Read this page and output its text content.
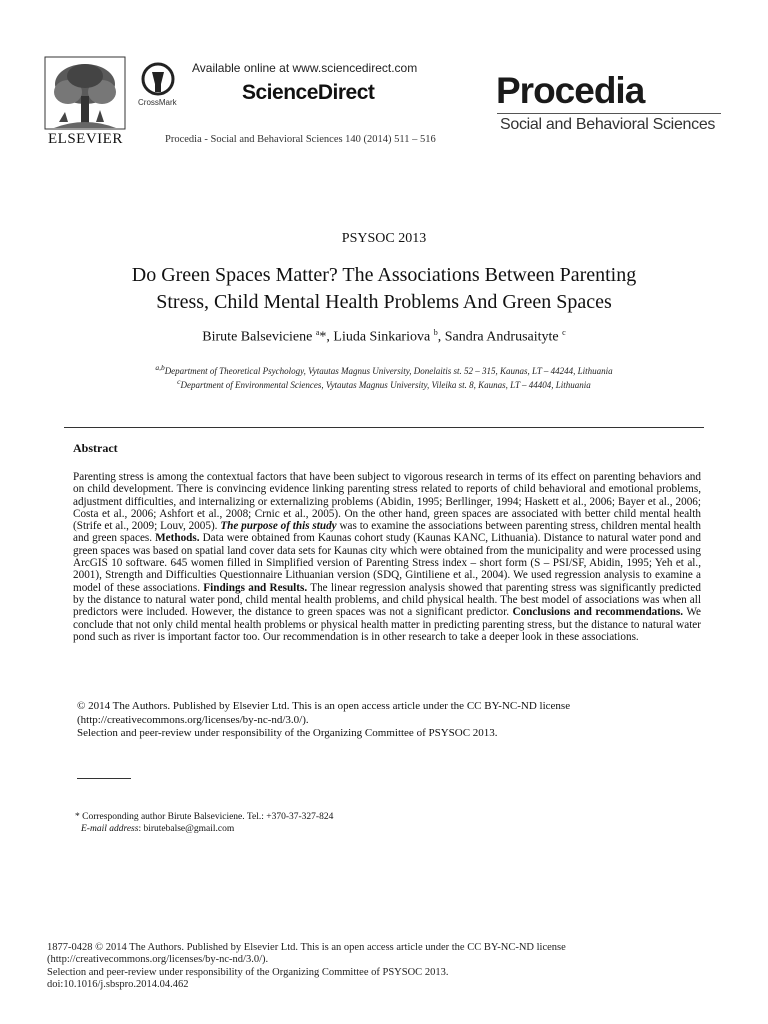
ELSEVIER
CrossMark
Available online at www.sciencedirect.com
ScienceDirect
Procedia - Social and Behavioral Sciences 140 (2014) 511 – 516
Procedia
Social and Behavioral Sciences
PSYSOC 2013
Do Green Spaces Matter? The Associations Between Parenting
Stress, Child Mental Health Problems And Green Spaces
Birute Balseviciene $^a$*, Liuda Sinkariova $^b$, Sandra Andrusaityte $^c$
$^{a,b}$Department of Theoretical Psychology, Vytautas Magnus University, Donelaitis st. 52 – 315, Kaunas, LT – 44244, Lithuania
$^c$Department of Environmental Sciences, Vytautas Magnus University, Vileika st. 8, Kaunas, LT – 44404, Lithuania
Abstract
Parenting stress is among the contextual factors that have been subject to vigorous research in terms of its effect on parenting behaviors and on child development. There is convincing evidence linking parenting stress related to reports of child behavioral and emotional problems, adjustment difficulties, and internalizing or externalizing problems (Abidin, 1995; Berllinger, 1994; Haskett et al., 2006; Bayer et al., 2006; Costa et al., 2006; Ashfort et al., 2008; Crnic et al., 2005). On the other hand, green spaces are associated with better child mental health (Strife et al., 2009; Louv, 2005). The purpose of this study was to examine the associations between parenting stress, children mental health and green spaces. Methods. Data were obtained from Kaunas cohort study (Kaunas KANC, Lithuania). Distance to natural water pond and green spaces was based on spatial land cover data sets for Kaunas city which were obtained from the municipality and were processed using ArcGIS 10 software. 645 women filled in Simplified version of Parenting Stress index – short form (S – PSI/SF, Abidin, 1995; Yeh et al., 2001), Strength and Difficulties Questionnaire Lithuanian version (SDQ, Gintiliene et al., 2004). We used regression analysis to examine a model of these associations. Findings and Results. The linear regression analysis showed that parenting stress was significantly predicted by the distance to natural water pond, child mental health problems, and child physical health. The best model of associations was when all predictors were included. However, the distance to green spaces was not a significant predictor. Conclusions and recommendations. We conclude that not only child mental health problems or physical health matter in predicting parenting stress, but the distance to natural water pond such as river is important factor too. Our recommendation is in other research to take a deeper look in these associations.
© 2014 The Authors. Published by Elsevier Ltd. This is an open access article under the CC BY-NC-ND license
(http://creativecommons.org/licenses/by-nc-nd/3.0/).
Selection and peer-review under responsibility of the Organizing Committee of PSYSOC 2013.
* Corresponding author Birute Balseviciene. Tel.: +370-37-327-824
E-mail address: birutebalse@gmail.com
1877-0428 © 2014 The Authors. Published by Elsevier Ltd. This is an open access article under the CC BY-NC-ND license
(http://creativecommons.org/licenses/by-nc-nd/3.0/).
Selection and peer-review under responsibility of the Organizing Committee of PSYSOC 2013.
doi:10.1016/j.sbspro.2014.04.462
